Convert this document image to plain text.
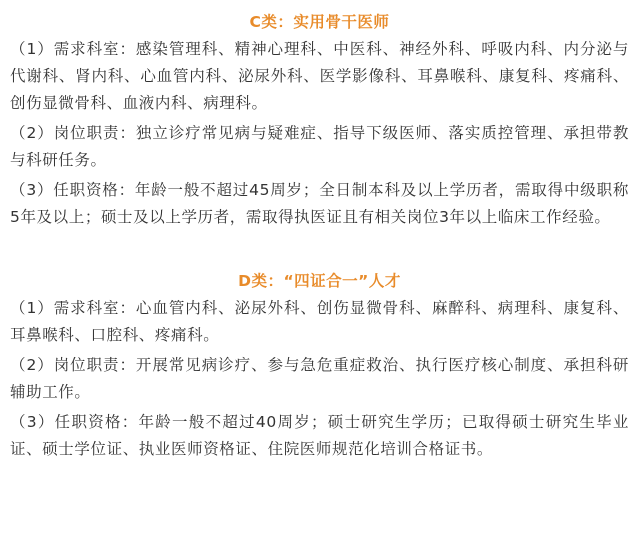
C类：实用骨干医师

（1）需求科室：感染管理科、精神心理科、中医科、神经外科、呼吸内科、内分泌与代谢科、肾内科、心血管内科、泌尿外科、医学影像科、耳鼻喉科、康复科、疼痛科、创伤显微骨科、血液内科、病理科。

（2）岗位职责：独立诊疗常见病与疑难症、指导下级医师、落实质控管理、承担带教与科研任务。

（3）任职资格：年龄一般不超过45周岁；全日制本科及以上学历者，需取得中级职称5年及以上；硕士及以上学历者，需取得执医证且有相关岗位3年以上临床工作经验。

D类：“四证合一”人才

（1）需求科室：心血管内科、泌尿外科、创伤显微骨科、麻醉科、病理科、康复科、耳鼻喉科、口腔科、疼痛科。

（2）岗位职责：开展常见病诊疗、参与急危重症救治、执行医疗核心制度、承担科研辅助工作。

（3）任职资格：年龄一般不超过40周岁；硕士研究生学历；已取得硕士研究生毕业证、硕士学位证、执业医师资格证、住院医师规范化培训合格证书。
